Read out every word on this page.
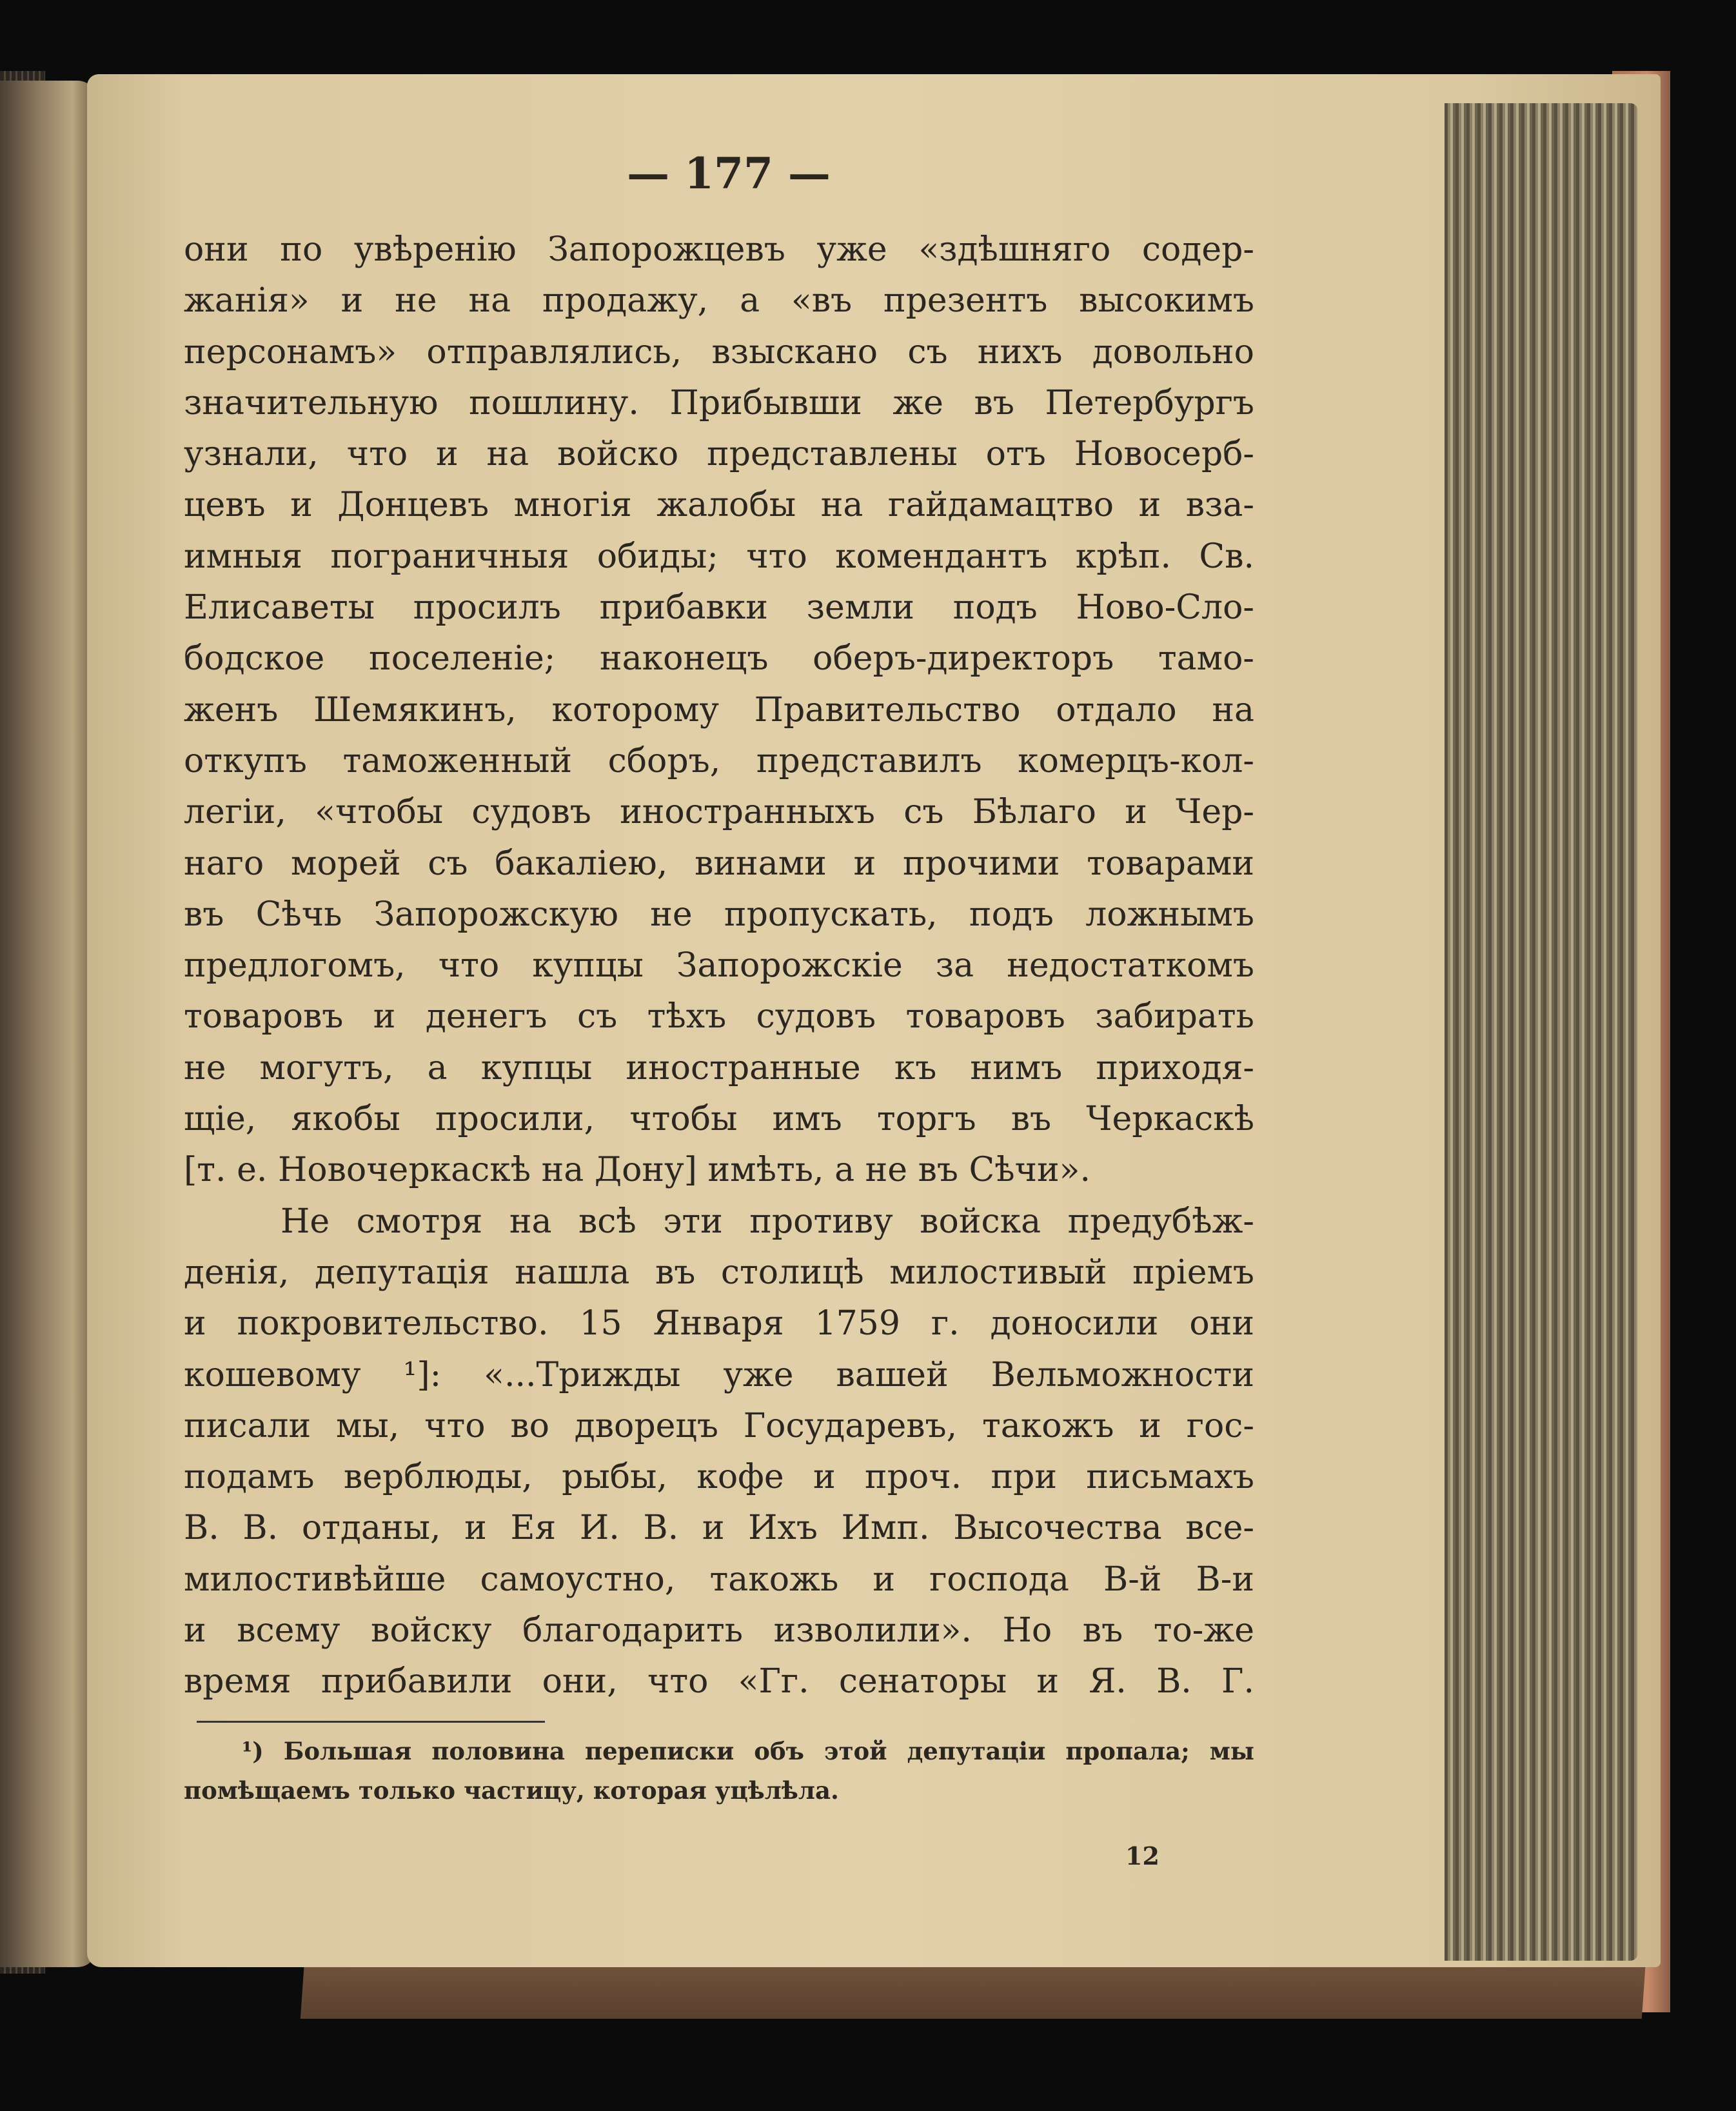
— 177 —
они по увѣренію Запорожцевъ уже «здѣшняго содер-
жанія» и не на продажу, а «въ презентъ высокимъ
персонамъ» отправлялись, взыскано съ нихъ довольно
значительную пошлину. Прибывши же въ Петербургъ
узнали, что и на войско представлены отъ Новосерб-
цевъ и Донцевъ многія жалобы на гайдамацтво и вза-
имныя пограничныя обиды; что комендантъ крѣп. Св.
Елисаветы просилъ прибавки земли подъ Ново-Сло-
бодское поселеніе; наконецъ оберъ-директоръ тамо-
женъ Шемякинъ, которому Правительство отдало на
откупъ таможенный сборъ, представилъ комерцъ-кол-
легіи, «чтобы судовъ иностранныхъ съ Бѣлаго и Чер-
наго морей съ бакаліею, винами и прочими товарами
въ Сѣчь Запорожскую не пропускать, подъ ложнымъ
предлогомъ, что купцы Запорожскіе за недостаткомъ
товаровъ и денегъ съ тѣхъ судовъ товаровъ забирать
не могутъ, а купцы иностранные къ нимъ приходя-
щіе, якобы просили, чтобы имъ торгъ въ Черкаскѣ
[т. е. Новочеркаскѣ на Дону] имѣть, а не въ Сѣчи».
Не смотря на всѣ эти противу войска предубѣж-
денія, депутація нашла въ столицѣ милостивый пріемъ
и покровительство. 15 Января 1759 г. доносили они
кошевому ¹]: «...Трижды уже вашей Вельможности
писали мы, что во дворецъ Государевъ, такожъ и гос-
подамъ верблюды, рыбы, кофе и проч. при письмахъ
В. В. отданы, и Ея И. В. и Ихъ Имп. Высочества все-
милостивѣйше самоустно, такожь и господа В-й В-и
и всему войску благодарить изволили». Но въ то-же
время прибавили они, что «Гг. сенаторы и Я. В. Г.
¹) Большая половина переписки объ этой депутаціи пропала; мы
помѣщаемъ только частицу, которая уцѣлѣла.
12
